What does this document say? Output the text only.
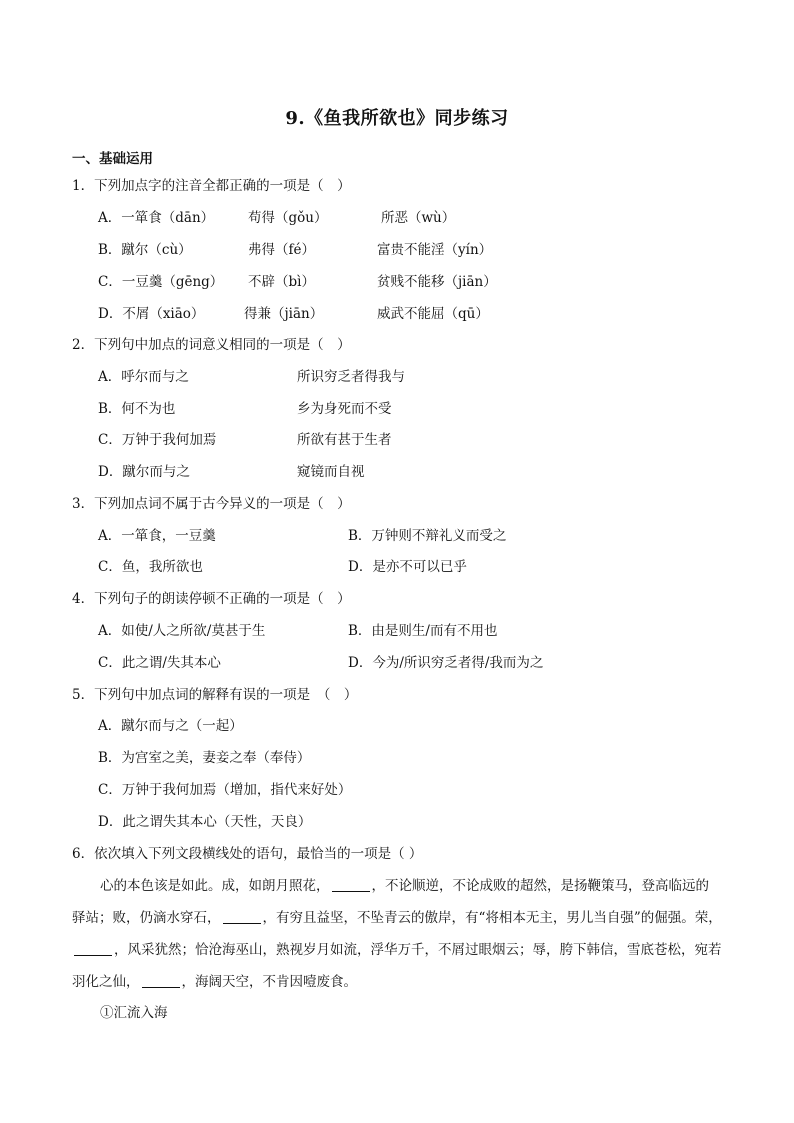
9.《鱼我所欲也》同步练习
一、基础运用
1．下列加点字的注音全都正确的一项是（　）
A．一箪食（dān）	苟得（gǒu）	所恶（wù）
B．蹴尔（cù）	弗得（fé）	富贵不能淫（yín）
C．一豆羹（gēng） 不辟（bì）	贫贱不能移（jiān）
D．不屑（xiāo）	得兼（jiān）	威武不能屈（qū）
2．下列句中加点的词意义相同的一项是（　）
A．呼尔而与之	所识穷乏者得我与
B．何不为也	乡为身死而不受
C．万钟于我何加焉	所欲有甚于生者
D．蹴尔而与之	窥镜而自视
3．下列加点词不属于古今异义的一项是（　）
A．一箪食，一豆羹	B．万钟则不辩礼义而受之
C．鱼，我所欲也	D．是亦不可以已乎
4．下列句子的朗读停顿不正确的一项是（　）
A．如使/人之所欲/莫甚于生	B．由是则生/而有不用也
C．此之谓/失其本心	D．今为/所识穷乏者得/我而为之
5．下列句中加点词的解释有误的一项是　（　）
A．蹴尔而与之（一起）
B．为宫室之美，妻妾之奉（奉侍）
C．万钟于我何加焉（增加，指代来好处）
D．此之谓失其本心（天性，天良）
6．依次填入下列文段横线处的语句，最恰当的一项是（ ）
心的本色该是如此。成，如朗月照花，	，不论顺逆，不论成败的超然，是扬鞭策马，登高临远的驿站；败，仍滴水穿石，	，有穷且益坚，不坠青云的傲岸，有“将相本无主，男儿当自强”的倔强。荣，，风采犹然；恰沧海巫山，熟视岁月如流，浮华万千，不屑过眼烟云；辱，胯下韩信，雪底苍松，宛若羽化之仙，	，海阔天空，不肯因噎废食。
①汇流入海
